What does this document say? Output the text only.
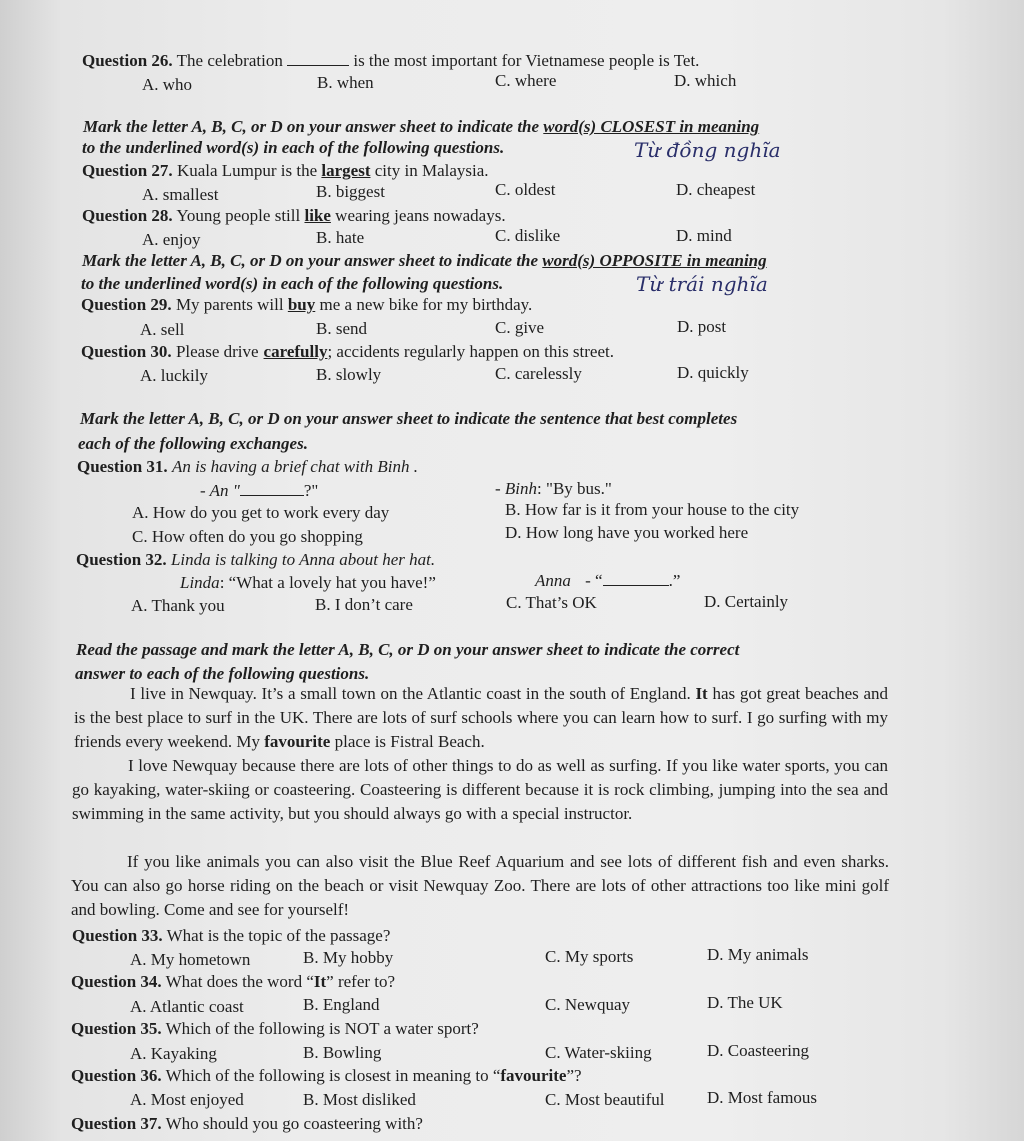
Question 26. The celebration	is the most important for Vietnamese people is Tet.
A. who	B. when	C. where	D. which
Mark the letter A, B, C, or D on your answer sheet to indicate the word(s) CLOSEST in meaning
to the underlined word(s) in each of the following questions.	Từ đồng nghĩa
Question 27. Kuala Lumpur is the largest city in Malaysia.
A. smallest	B. biggest	C. oldest	D. cheapest
Question 28. Young people still like wearing jeans nowadays.
A. enjoy	B. hate	C. dislike	D. mind
Mark the letter A, B, C, or D on your answer sheet to indicate the word(s) OPPOSITE in meaning
to the underlined word(s) in each of the following questions.	Từ trái nghĩa
Question 29. My parents will buy me a new bike for my birthday.
A. sell	B. send	C. give	D. post
Question 30. Please drive carefully; accidents regularly happen on this street.
A. luckily	B. slowly	C. carelessly	D. quickly
Mark the letter A, B, C, or D on your answer sheet to indicate the sentence that best completes
each of the following exchanges.
Question 31. An is having a brief chat with Binh .
- An "	?"	- Binh: "By bus."
A. How do you get to work every day	B. How far is it from your house to the city
C. How often do you go shopping	D. How long have you worked here
Question 32. Linda is talking to Anna about her hat.
Linda: “What a lovely hat you have!”	Anna - “	.”
A. Thank you	B. I don’t care	C. That’s OK	D. Certainly
Read the passage and mark the letter A, B, C, or D on your answer sheet to indicate the correct
answer to each of the following questions.
I live in Newquay. It’s a small town on the Atlantic coast in the south of England. It has got great beaches and is the best place to surf in the UK. There are lots of surf schools where you can learn how to surf. I go surfing with my friends every weekend. My favourite place is Fistral Beach.
I love Newquay because there are lots of other things to do as well as surfing. If you like water sports, you can go kayaking, water-skiing or coasteering. Coasteering is different because it is rock climbing, jumping into the sea and swimming in the same activity, but you should always go with a special instructor.
If you like animals you can also visit the Blue Reef Aquarium and see lots of different fish and even sharks. You can also go horse riding on the beach or visit Newquay Zoo. There are lots of other attractions too like mini golf and bowling. Come and see for yourself!
Question 33. What is the topic of the passage?
A. My hometown	B. My hobby	C. My sports	D. My animals
Question 34. What does the word “It” refer to?
A. Atlantic coast	B. England	C. Newquay	D. The UK
Question 35. Which of the following is NOT a water sport?
A. Kayaking	B. Bowling	C. Water-skiing	D. Coasteering
Question 36. Which of the following is closest in meaning to “favourite”?
A. Most enjoyed	B. Most disliked	C. Most beautiful	D. Most famous
Question 37. Who should you go coasteering with?
